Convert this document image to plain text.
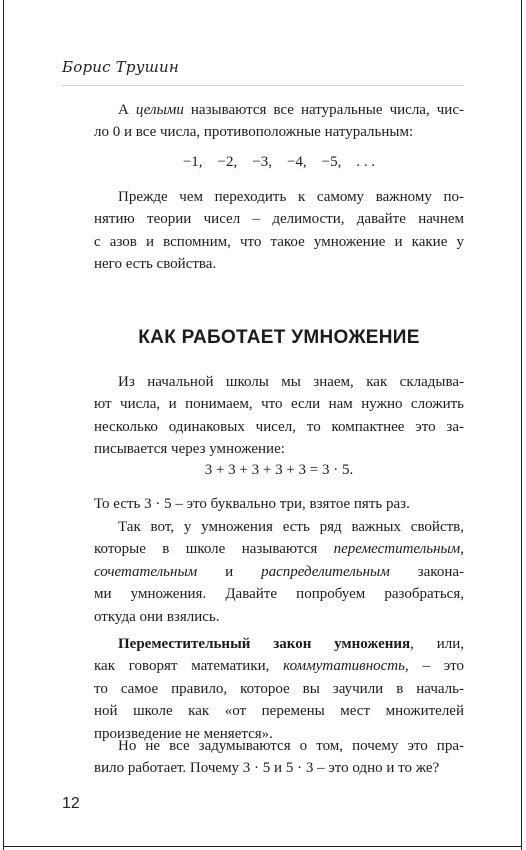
Борис Трушин
А целыми называются все натуральные числа, чис-
ло 0 и все числа, противоположные натуральным:
−1,    −2,    −3,    −4,    −5,    . . .
Прежде чем переходить к самому важному по-
нятию теории чисел – делимости, давайте начнем
с азов и вспомним, что такое умножение и какие у
него есть свойства.
КАК РАБОТАЕТ УМНОЖЕНИЕ
Из начальной школы мы знаем, как складыва-
ют числа, и понимаем, что если нам нужно сложить
несколько одинаковых чисел, то компактнее это за-
писывается через умножение:
3 + 3 + 3 + 3 + 3 = 3 · 5.
То есть 3 · 5 – это буквально три, взятое пять раз.
Так вот, у умножения есть ряд важных свойств,
которые в школе называются переместительным,
сочетательным и распределительным законa-
ми умножения. Давайте попробуем разобраться,
откуда они взялись.
Переместительный закон умножения, или,
как говорят математики, коммутативность, – это
то самое правило, которое вы заучили в началь-
ной школе как «от перемены мест множителей
произведение не меняется».
Но не все задумываются о том, почему это пра-
вило работает. Почему 3 · 5 и 5 · 3 – это одно и то же?
12
